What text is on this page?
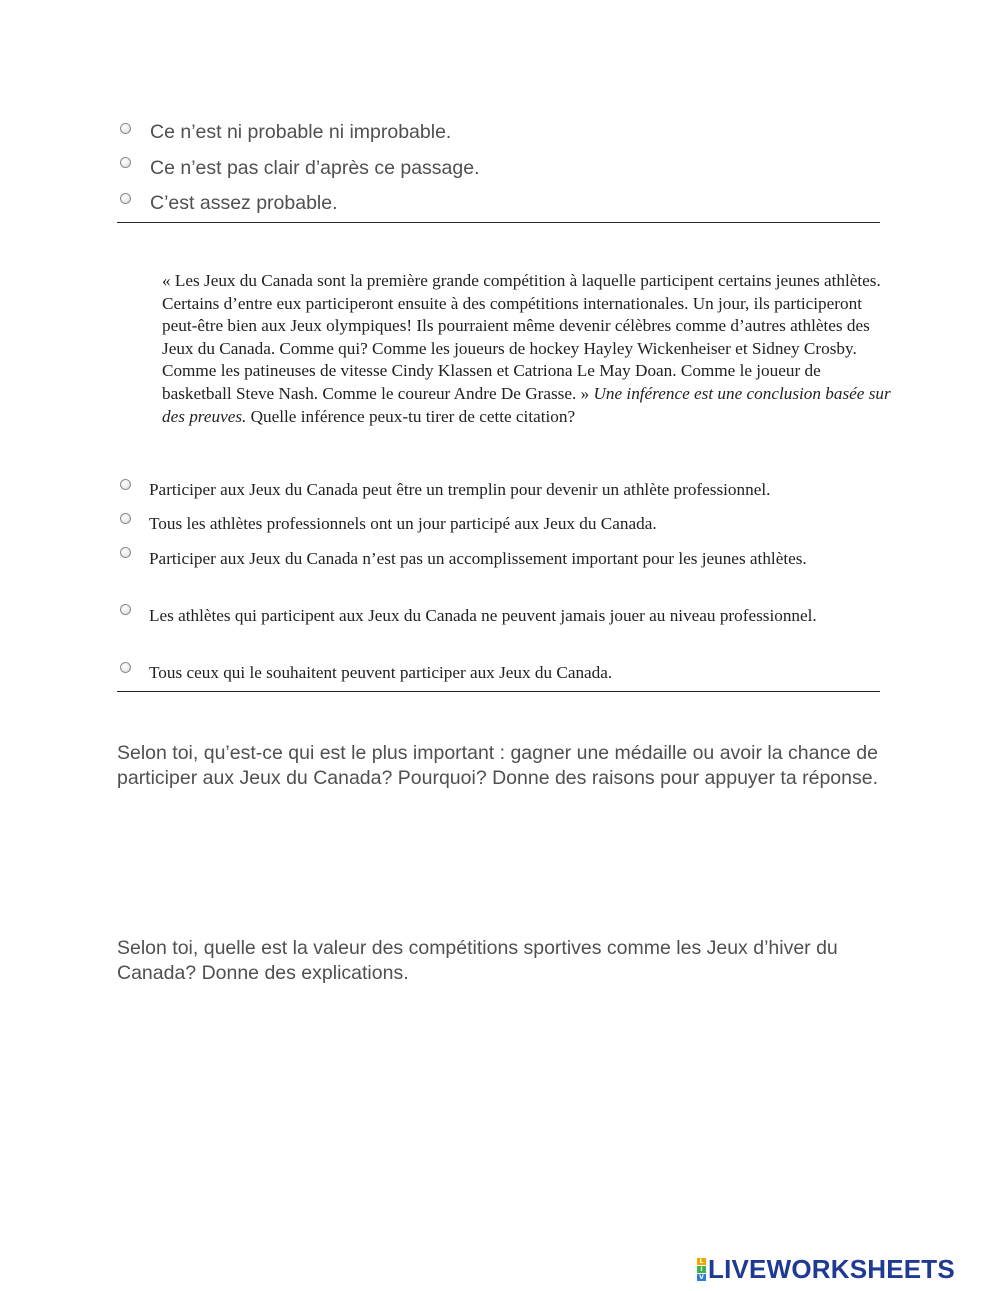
Ce n’est ni probable ni improbable.
Ce n’est pas clair d’après ce passage.
C’est assez probable.
« Les Jeux du Canada sont la première grande compétition à laquelle participent certains jeunes athlètes. Certains d’entre eux participeront ensuite à des compétitions internationales. Un jour, ils participeront peut-être bien aux Jeux olympiques! Ils pourraient même devenir célèbres comme d’autres athlètes des Jeux du Canada. Comme qui? Comme les joueurs de hockey Hayley Wickenheiser et Sidney Crosby. Comme les patineuses de vitesse Cindy Klassen et Catriona Le May Doan. Comme le joueur de basketball Steve Nash. Comme le coureur Andre De Grasse. » Une inférence est une conclusion basée sur des preuves. Quelle inférence peux-tu tirer de cette citation?
Participer aux Jeux du Canada peut être un tremplin pour devenir un athlète professionnel.
Tous les athlètes professionnels ont un jour participé aux Jeux du Canada.
Participer aux Jeux du Canada n’est pas un accomplissement important pour les jeunes athlètes.
Les athlètes qui participent aux Jeux du Canada ne peuvent jamais jouer au niveau professionnel.
Tous ceux qui le souhaitent peuvent participer aux Jeux du Canada.
Selon toi, qu’est-ce qui est le plus important : gagner une médaille ou avoir la chance de participer aux Jeux du Canada? Pourquoi? Donne des raisons pour appuyer ta réponse.
Selon toi, quelle est la valeur des compétitions sportives comme les Jeux d’hiver du Canada? Donne des explications.
L
I
V LIVEWORKSHEETS
